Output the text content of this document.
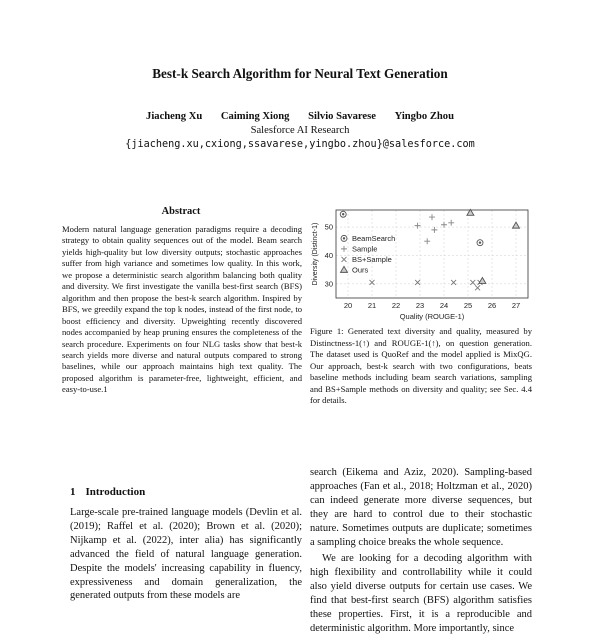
Best-k Search Algorithm for Neural Text Generation
Jiacheng Xu Caiming Xiong Silvio Savarese Yingbo Zhou
Salesforce AI Research
{jiacheng.xu,cxiong,ssavarese,yingbo.zhou}@salesforce.com
Abstract
Modern natural language generation paradigms require a decoding strategy to obtain quality sequences out of the model. Beam search yields high-quality but low diversity outputs; stochastic approaches suffer from high variance and sometimes low quality. In this work, we propose a deterministic search algorithm balancing both quality and diversity. We first investigate the vanilla best-first search (BFS) algorithm and then propose the best-k search algorithm. Inspired by BFS, we greedily expand the top k nodes, instead of the first node, to boost efficiency and diversity. Upweighting recently discovered nodes accompanied by heap pruning ensures the completeness of the search procedure. Experiments on four NLG tasks show that best-k search yields more diverse and natural outputs compared to strong baselines, while our approach maintains high text quality. The proposed algorithm is parameter-free, lightweight, efficient, and easy-to-use.1
1 Introduction
Large-scale pre-trained language models (Devlin et al. (2019); Raffel et al. (2020); Brown et al. (2020); Nijkamp et al. (2022), inter alia) has significantly advanced the field of natural language generation. Despite the models' increasing capability in fluency, expressiveness and domain generalization, the generated outputs from these models are
20 21 22 23 24 25 26 27
30
40
50
Quality (ROUGE-1)
Diversity (Distinct-1)	BeamSearch
Sample
BS+Sample
Ours
Figure 1: Generated text diversity and quality, measured by Distinctness-1(↑) and ROUGE-1(↑), on question generation. The dataset used is QuoRef and the model applied is MixQG. Our approach, best-k search with two configurations, beats baseline methods including beam search variations, sampling and BS+Sample methods on diversity and quality; see Sec. 4.4 for details.

search (Eikema and Aziz, 2020). Sampling-based approaches (Fan et al., 2018; Holtzman et al., 2020) can indeed generate more diverse sequences, but they are hard to control due to their stochastic nature. Sometimes outputs are duplicate; sometimes a sampling choice breaks the whole sequence.

We are looking for a decoding algorithm with high flexibility and controllability while it could also yield diverse outputs for certain use cases. We find that best-first search (BFS) algorithm satisfies these properties. First, it is a reproducible and deterministic algorithm. More importantly, since
